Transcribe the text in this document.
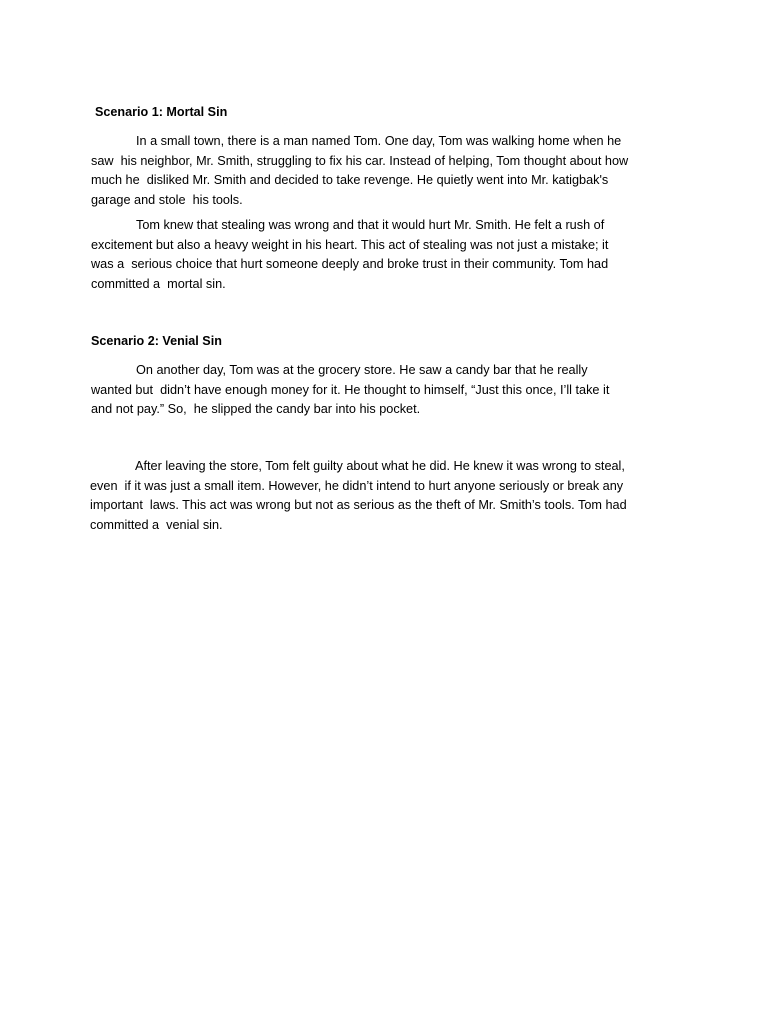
Scenario 1: Mortal Sin
In a small town, there is a man named Tom. One day, Tom was walking home when he
saw  his neighbor, Mr. Smith, struggling to fix his car. Instead of helping, Tom thought about how
much he  disliked Mr. Smith and decided to take revenge. He quietly went into Mr. katigbak's
garage and stole  his tools.
Tom knew that stealing was wrong and that it would hurt Mr. Smith. He felt a rush of
excitement but also a heavy weight in his heart. This act of stealing was not just a mistake; it
was a  serious choice that hurt someone deeply and broke trust in their community. Tom had
committed a  mortal sin.
Scenario 2: Venial Sin
On another day, Tom was at the grocery store. He saw a candy bar that he really
wanted but  didn’t have enough money for it. He thought to himself, “Just this once, I’ll take it
and not pay.” So,  he slipped the candy bar into his pocket.
After leaving the store, Tom felt guilty about what he did. He knew it was wrong to steal,
even  if it was just a small item. However, he didn’t intend to hurt anyone seriously or break any
important  laws. This act was wrong but not as serious as the theft of Mr. Smith’s tools. Tom had
committed a  venial sin.
